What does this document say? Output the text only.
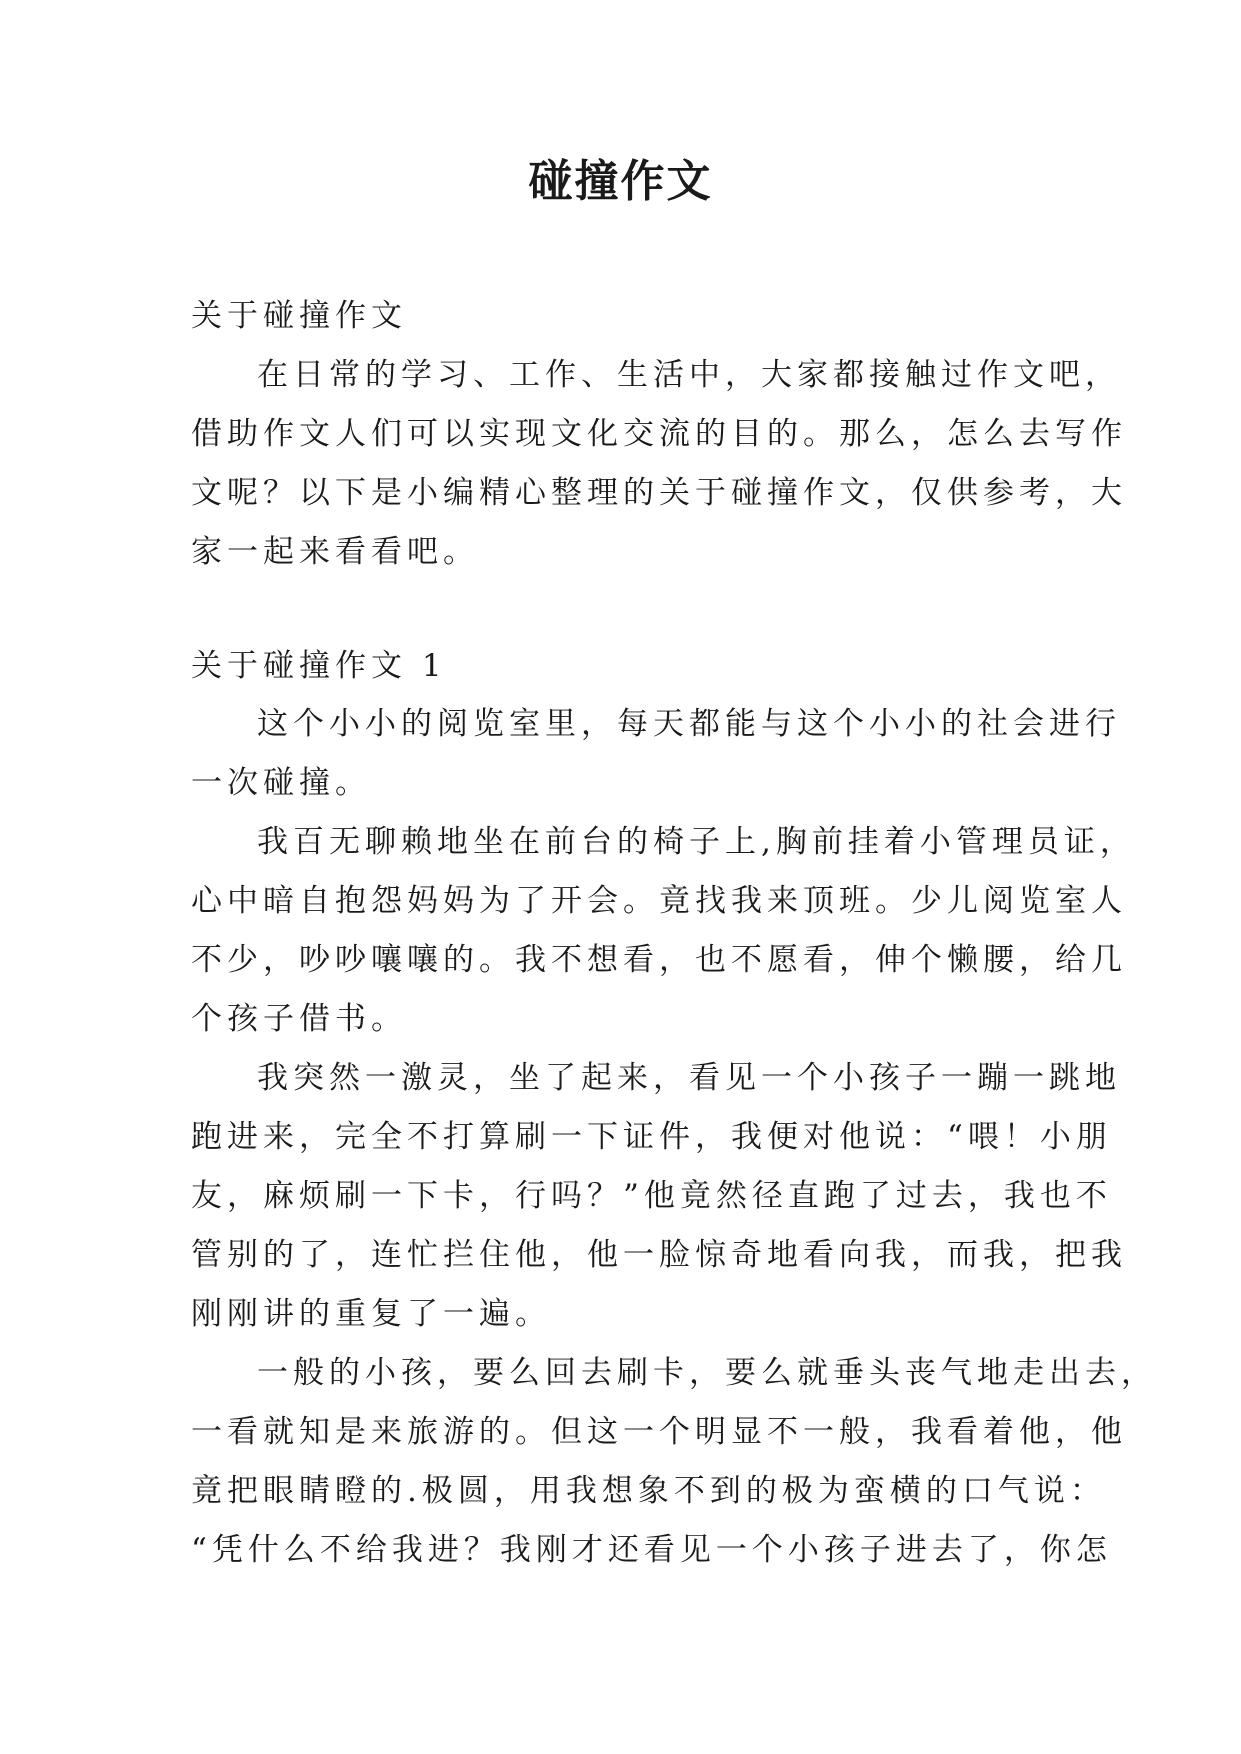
碰撞作文

关于碰撞作文

在日常的学习、工作、生活中，大家都接触过作文吧，

借助作文人们可以实现文化交流的目的。那么，怎么去写作

文呢？以下是小编精心整理的关于碰撞作文，仅供参考，大

家一起来看看吧。

关于碰撞作文 1

这个小小的阅览室里，每天都能与这个小小的社会进行

一次碰撞。

我百无聊赖地坐在前台的椅子上,胸前挂着小管理员证，

心中暗自抱怨妈妈为了开会。竟找我来顶班。少儿阅览室人

不少，吵吵嚷嚷的。我不想看，也不愿看，伸个懒腰，给几

个孩子借书。

我突然一激灵，坐了起来，看见一个小孩子一蹦一跳地

跑进来，完全不打算刷一下证件，我便对他说：“喂！小朋

友，麻烦刷一下卡，行吗？”他竟然径直跑了过去，我也不

管别的了，连忙拦住他，他一脸惊奇地看向我，而我，把我

刚刚讲的重复了一遍。

一般的小孩，要么回去刷卡，要么就垂头丧气地走出去，

一看就知是来旅游的。但这一个明显不一般，我看着他，他

竟把眼睛瞪的.极圆，用我想象不到的极为蛮横的口气说：

“凭什么不给我进？我刚才还看见一个小孩子进去了，你怎
